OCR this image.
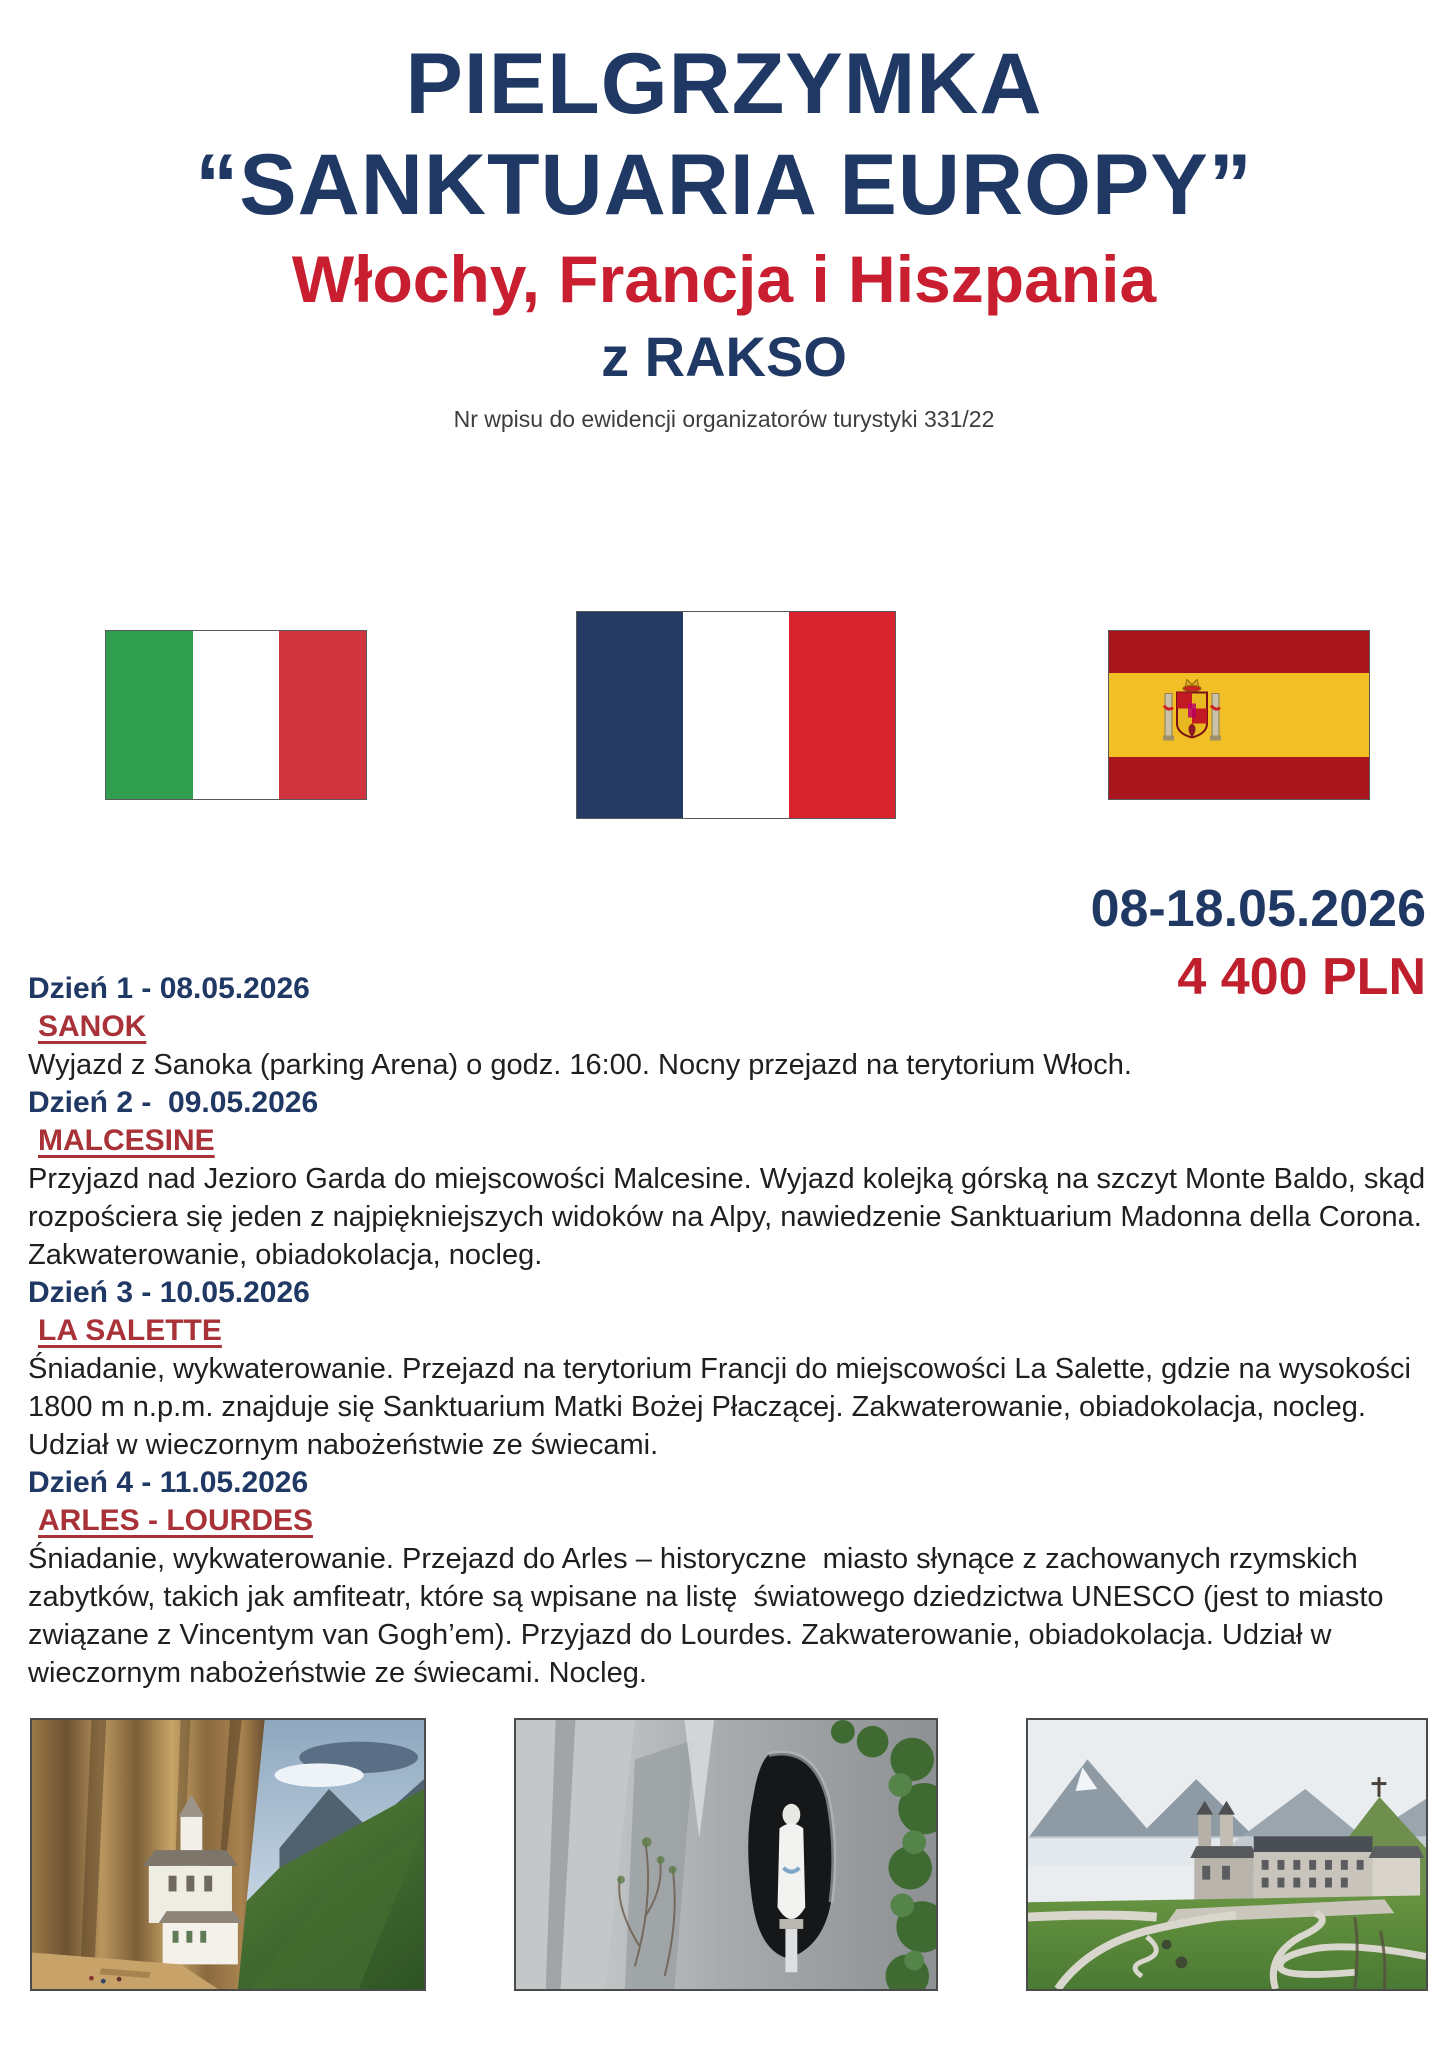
PIELGRZYMKA
“SANKTUARIA EUROPY”
Włochy, Francja i Hiszpania
z RAKSO
Nr wpisu do ewidencji organizatorów turystyki 331/22
08-18.05.2026
4 400 PLN
Dzień 1 - 08.05.2026
SANOK
Wyjazd z Sanoka (parking Arena) o godz. 16:00. Nocny przejazd na terytorium Włoch.
Dzień 2 -  09.05.2026
MALCESINE
Przyjazd nad Jezioro Garda do miejscowości Malcesine. Wyjazd kolejką górską na szczyt Monte Baldo, skąd rozpościera się jeden z najpiękniejszych widoków na Alpy, nawiedzenie Sanktuarium Madonna della Corona. Zakwaterowanie, obiadokolacja, nocleg.
Dzień 3 - 10.05.2026
LA SALETTE
Śniadanie, wykwaterowanie. Przejazd na terytorium Francji do miejscowości La Salette, gdzie na wysokości 1800 m n.p.m. znajduje się Sanktuarium Matki Bożej Płaczącej. Zakwaterowanie, obiadokolacja, nocleg. Udział w wieczornym nabożeństwie ze świecami.
Dzień 4 - 11.05.2026
ARLES - LOURDES
Śniadanie, wykwaterowanie. Przejazd do Arles – historyczne  miasto słynące z zachowanych rzymskich zabytków, takich jak amfiteatr, które są wpisane na listę  światowego dziedzictwa UNESCO (jest to miasto związane z Vincentym van Gogh’em). Przyjazd do Lourdes. Zakwaterowanie, obiadokolacja. Udział w wieczornym nabożeństwie ze świecami. Nocleg.
